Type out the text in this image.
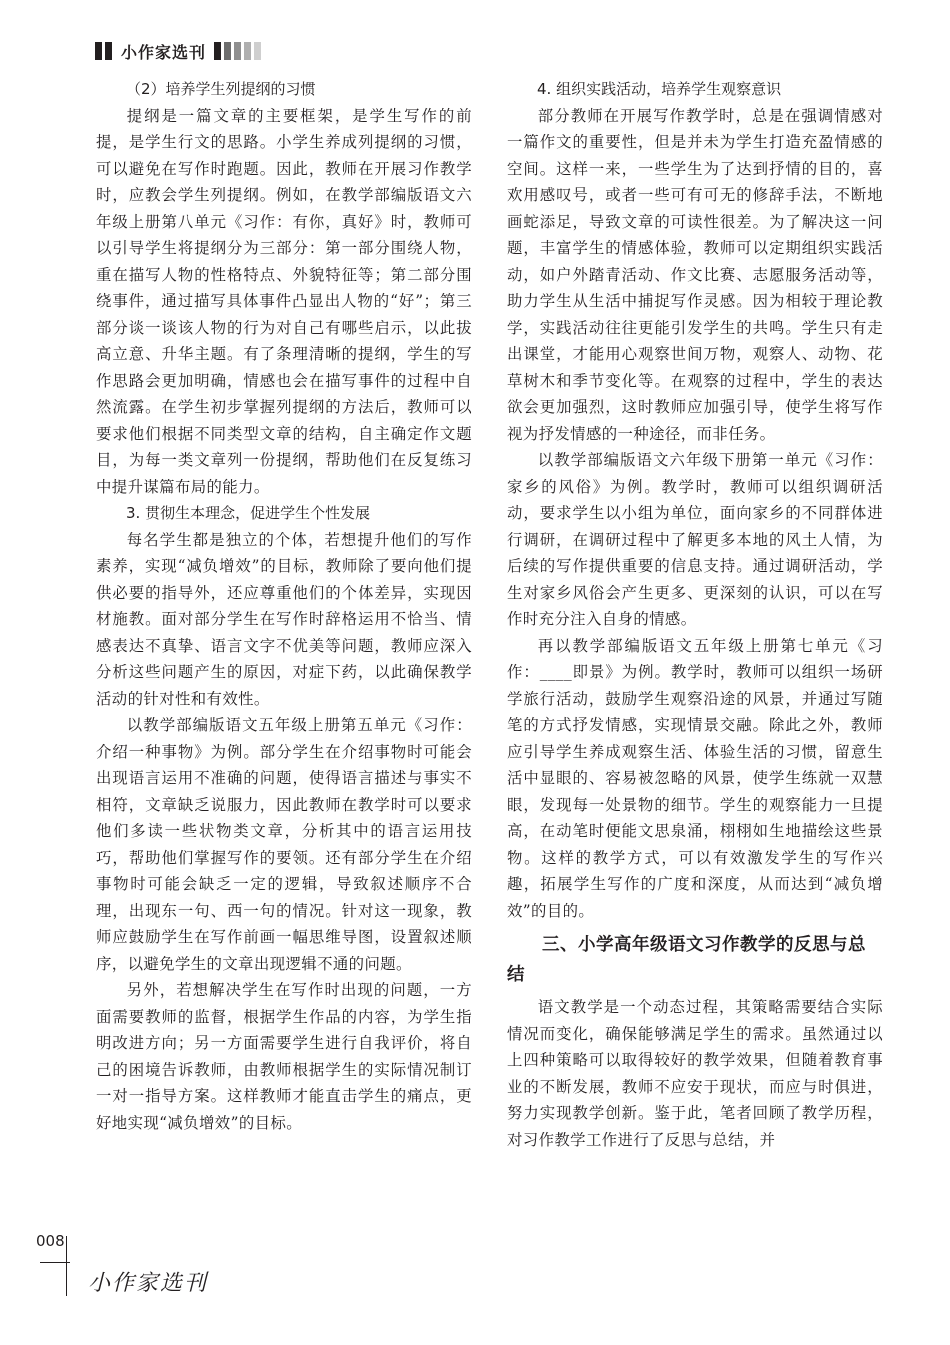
小作家选刊

（2）培养学生列提纲的习惯

提纲是一篇文章的主要框架，是学生写作的前提，是学生行文的思路。小学生养成列提纲的习惯，可以避免在写作时跑题。因此，教师在开展习作教学时，应教会学生列提纲。例如，在教学部编版语文六年级上册第八单元《习作：有你，真好》时，教师可以引导学生将提纲分为三部分：第一部分围绕人物，重在描写人物的性格特点、外貌特征等；第二部分围绕事件，通过描写具体事件凸显出人物的“好”；第三部分谈一谈该人物的行为对自己有哪些启示，以此拔高立意、升华主题。有了条理清晰的提纲，学生的写作思路会更加明确，情感也会在描写事件的过程中自然流露。在学生初步掌握列提纲的方法后，教师可以要求他们根据不同类型文章的结构，自主确定作文题目，为每一类文章列一份提纲，帮助他们在反复练习中提升谋篇布局的能力。

3. 贯彻生本理念，促进学生个性发展

每名学生都是独立的个体，若想提升他们的写作素养，实现“减负增效”的目标，教师除了要向他们提供必要的指导外，还应尊重他们的个体差异，实现因材施教。面对部分学生在写作时辞格运用不恰当、情感表达不真挚、语言文字不优美等问题，教师应深入分析这些问题产生的原因，对症下药，以此确保教学活动的针对性和有效性。

以教学部编版语文五年级上册第五单元《习作：介绍一种事物》为例。部分学生在介绍事物时可能会出现语言运用不准确的问题，使得语言描述与事实不相符，文章缺乏说服力，因此教师在教学时可以要求他们多读一些状物类文章，分析其中的语言运用技巧，帮助他们掌握写作的要领。还有部分学生在介绍事物时可能会缺乏一定的逻辑，导致叙述顺序不合理，出现东一句、西一句的情况。针对这一现象，教师应鼓励学生在写作前画一幅思维导图，设置叙述顺序，以避免学生的文章出现逻辑不通的问题。

另外，若想解决学生在写作时出现的问题，一方面需要教师的监督，根据学生作品的内容，为学生指明改进方向；另一方面需要学生进行自我评价，将自己的困境告诉教师，由教师根据学生的实际情况制订一对一指导方案。这样教师才能直击学生的痛点，更好地实现“减负增效”的目标。

4. 组织实践活动，培养学生观察意识

部分教师在开展写作教学时，总是在强调情感对一篇作文的重要性，但是并未为学生打造充盈情感的空间。这样一来，一些学生为了达到抒情的目的，喜欢用感叹号，或者一些可有可无的修辞手法，不断地画蛇添足，导致文章的可读性很差。为了解决这一问题，丰富学生的情感体验，教师可以定期组织实践活动，如户外踏青活动、作文比赛、志愿服务活动等，助力学生从生活中捕捉写作灵感。因为相较于理论教学，实践活动往往更能引发学生的共鸣。学生只有走出课堂，才能用心观察世间万物，观察人、动物、花草树木和季节变化等。在观察的过程中，学生的表达欲会更加强烈，这时教师应加强引导，使学生将写作视为抒发情感的一种途径，而非任务。

以教学部编版语文六年级下册第一单元《习作：家乡的风俗》为例。教学时，教师可以组织调研活动，要求学生以小组为单位，面向家乡的不同群体进行调研，在调研过程中了解更多本地的风土人情，为后续的写作提供重要的信息支持。通过调研活动，学生对家乡风俗会产生更多、更深刻的认识，可以在写作时充分注入自身的情感。

再以教学部编版语文五年级上册第七单元《习作：____即景》为例。教学时，教师可以组织一场研学旅行活动，鼓励学生观察沿途的风景，并通过写随笔的方式抒发情感，实现情景交融。除此之外，教师应引导学生养成观察生活、体验生活的习惯，留意生活中显眼的、容易被忽略的风景，使学生练就一双慧眼，发现每一处景物的细节。学生的观察能力一旦提高，在动笔时便能文思泉涌，栩栩如生地描绘这些景物。这样的教学方式，可以有效激发学生的写作兴趣，拓展学生写作的广度和深度，从而达到“减负增效”的目的。

三、小学高年级语文习作教学的反思与总结

语文教学是一个动态过程，其策略需要结合实际情况而变化，确保能够满足学生的需求。虽然通过以上四种策略可以取得较好的教学效果，但随着教育事业的不断发展，教师不应安于现状，而应与时俱进，努力实现教学创新。鉴于此，笔者回顾了教学历程，对习作教学工作进行了反思与总结，并

008
小作家选刊
